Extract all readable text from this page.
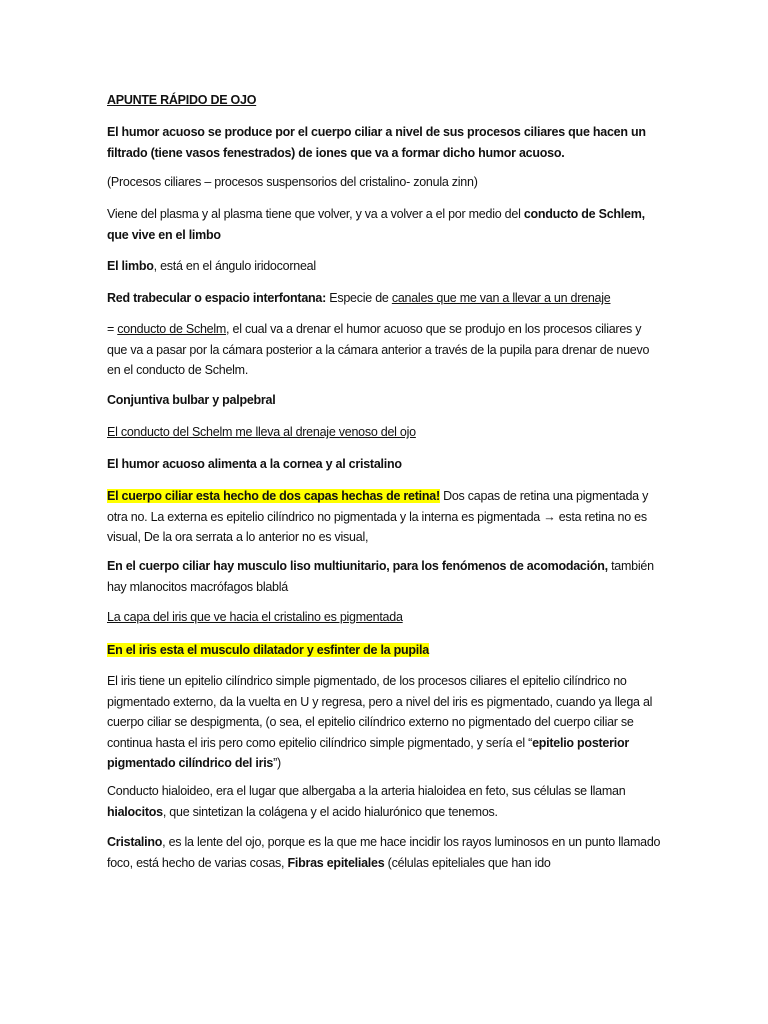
APUNTE RÁPIDO DE OJO

El humor acuoso se produce por el cuerpo ciliar a nivel de sus procesos ciliares que hacen un filtrado (tiene vasos fenestrados) de iones que va a formar dicho humor acuoso.

(Procesos ciliares – procesos suspensorios del cristalino- zonula zinn)

Viene del plasma y al plasma tiene que volver, y va a volver a el por medio del conducto de Schlem, que vive en el limbo

El limbo, está en el ángulo iridocorneal

Red trabecular o espacio interfontana: Especie de canales que me van a llevar a un drenaje

= conducto de Schelm, el cual va a drenar el humor acuoso que se produjo en los procesos ciliares y que va a pasar por la cámara posterior a la cámara anterior a través de la pupila para drenar de nuevo en el conducto de Schelm.

Conjuntiva bulbar y palpebral

El conducto del Schelm me lleva al drenaje venoso del ojo

El humor acuoso alimenta a la cornea y al cristalino

El cuerpo ciliar esta hecho de dos capas hechas de retina! Dos capas de retina una pigmentada y otra no. La externa es epitelio cilíndrico no pigmentada y la interna es pigmentada → esta retina no es visual, De la ora serrata a lo anterior no es visual,

En el cuerpo ciliar hay musculo liso multiunitario, para los fenómenos de acomodación, también hay mlanocitos macrófagos blablá

La capa del iris que ve hacia el cristalino es pigmentada

En el iris esta el musculo dilatador y esfinter de la pupila

El iris tiene un epitelio cilíndrico simple pigmentado, de los procesos ciliares el epitelio cilíndrico no pigmentado externo, da la vuelta en U y regresa, pero a nivel del iris es pigmentado, cuando ya llega al cuerpo ciliar se despigmenta, (o sea, el epitelio cilíndrico externo no pigmentado del cuerpo ciliar se continua hasta el iris pero como epitelio cilíndrico simple pigmentado, y sería el “epitelio posterior pigmentado cilíndrico del iris”)

Conducto hialoideo, era el lugar que albergaba a la arteria hialoidea en feto, sus células se llaman hialocitos, que sintetizan la colágena y el acido hialurónico que tenemos.

Cristalino, es la lente del ojo, porque es la que me hace incidir los rayos luminosos en un punto llamado foco, está hecho de varias cosas, Fibras epiteliales (células epiteliales que han ido
